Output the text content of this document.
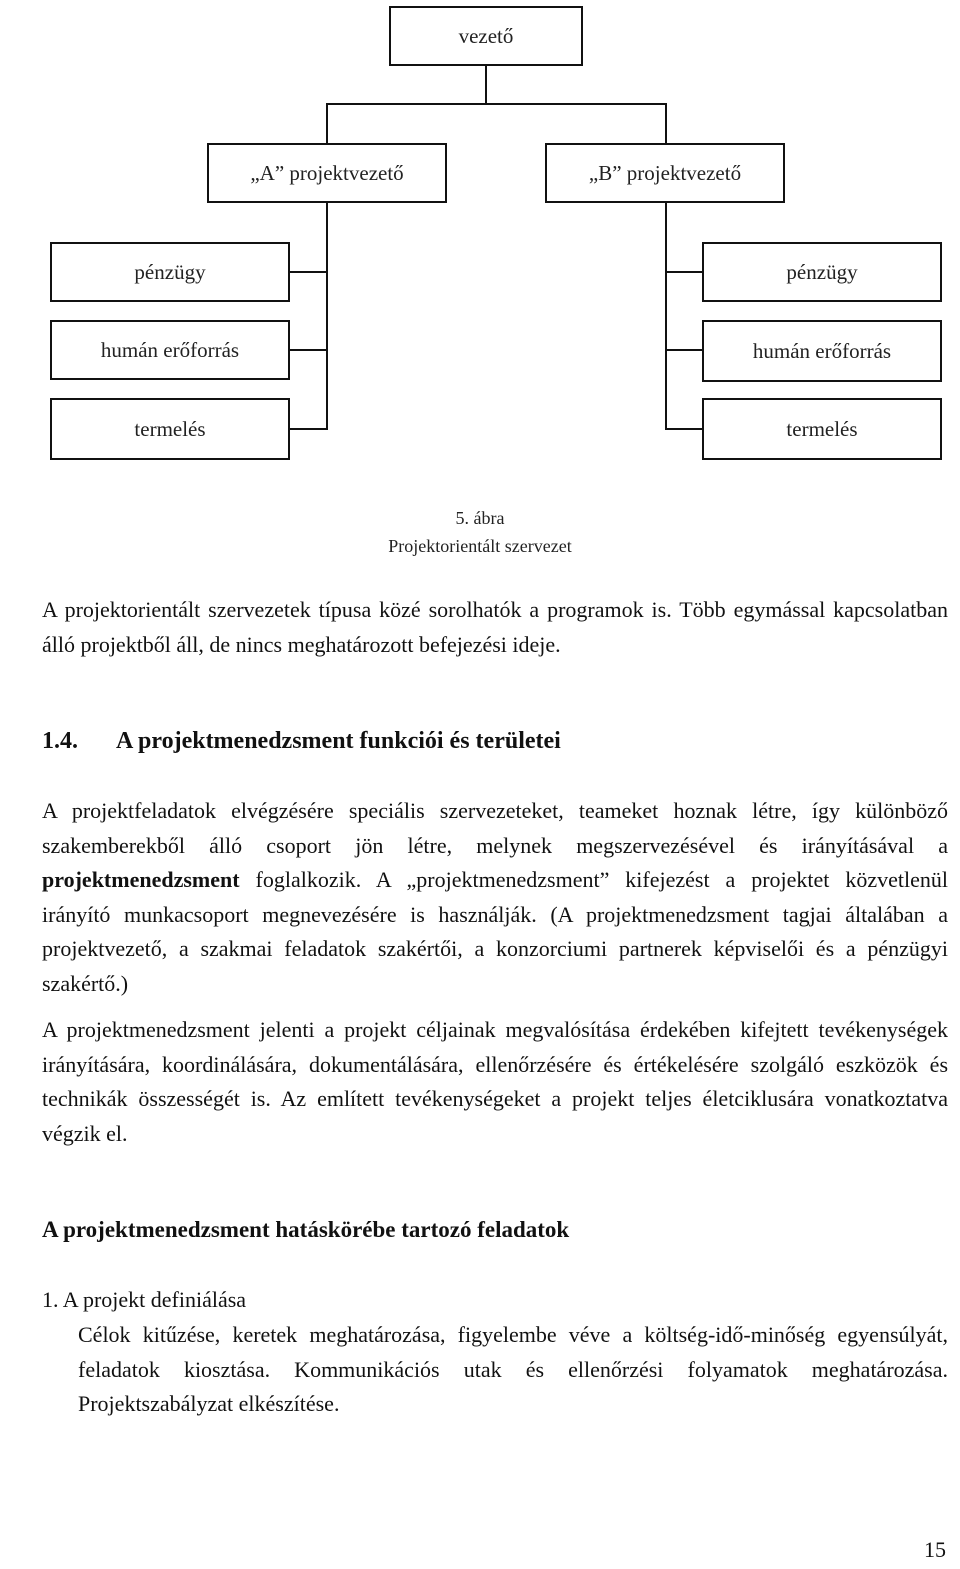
vezető
„A” projektvezető	„B” projektvezető
pénzügy
humán erőforrás
termelés
pénzügy
humán erőforrás
termelés
5. ábra
Projektorientált szervezet

A projektorientált szervezetek típusa közé sorolhatók a programok is. Több egymással kapcsolatban álló projektből áll, de nincs meghatározott befejezési ideje.

1.4. A projektmenedzsment funkciói és területei

A projektfeladatok elvégzésére speciális szervezeteket, teameket hoznak létre, így különböző szakemberekből álló csoport jön létre, melynek megszervezésével és irányításával a projektmenedzsment foglalkozik. A „projektmenedzsment” kifejezést a projektet közvetlenül irányító munkacsoport megnevezésére is használják. (A projektmenedzsment tagjai általában a projektvezető, a szakmai feladatok szakértői, a konzorciumi partnerek képviselői és a pénzügyi szakértő.)

A projektmenedzsment jelenti a projekt céljainak megvalósítása érdekében kifejtett tevékenységek irányítására, koordinálására, dokumentálására, ellenőrzésére és értékelésére szolgáló eszközök és technikák összességét is. Az említett tevékenységeket a projekt teljes életciklusára vonatkoztatva végzik el.

A projektmenedzsment hatáskörébe tartozó feladatok

1. A projekt definiálása

Célok kitűzése, keretek meghatározása, figyelembe véve a költség-idő-minőség egyensúlyát, feladatok kiosztása. Kommunikációs utak és ellenőrzési folyamatok meghatározása. Projektszabályzat elkészítése.

15
